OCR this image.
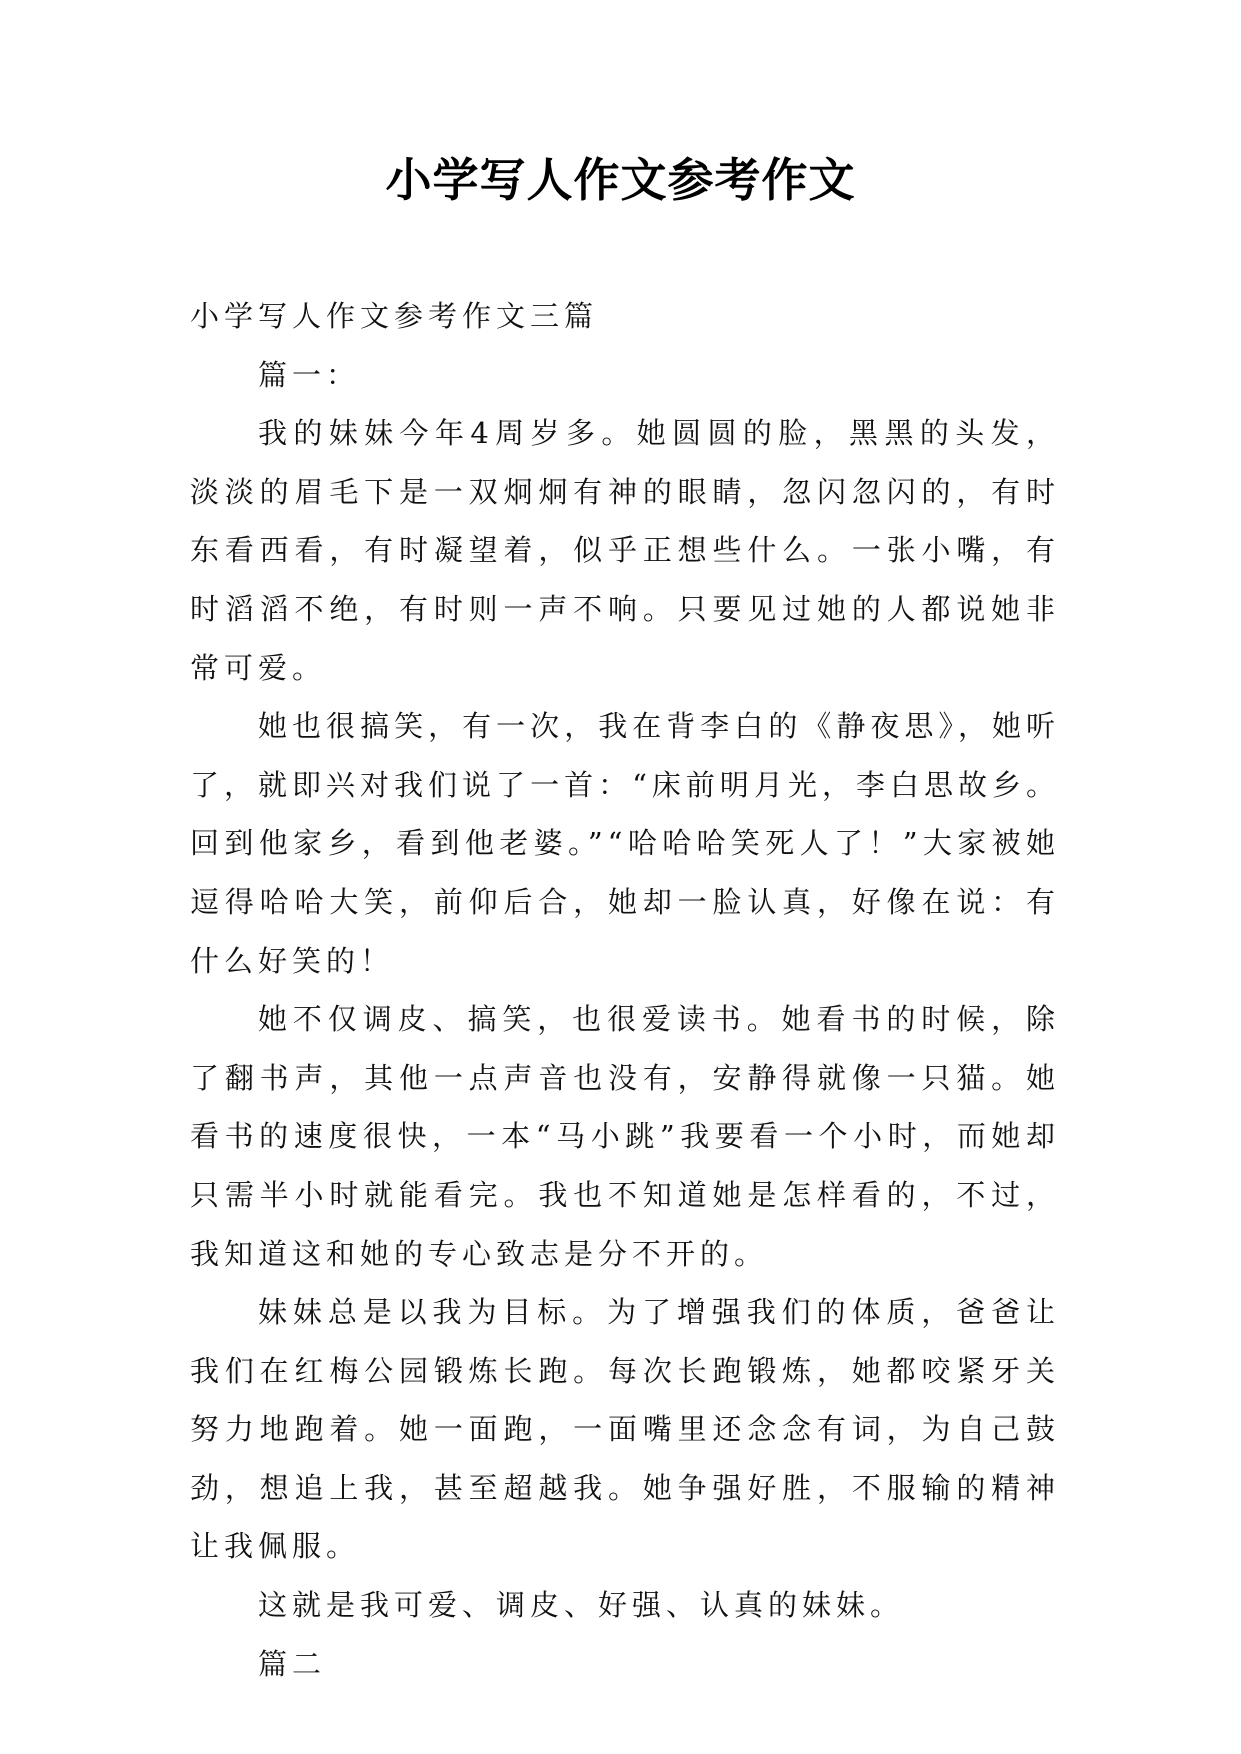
小学写人作文参考作文

小学写人作文参考作文三篇

篇一：

我的妹妹今年4周岁多。她圆圆的脸，黑黑的头发，淡淡的眉毛下是一双炯炯有神的眼睛，忽闪忽闪的，有时东看西看，有时凝望着，似乎正想些什么。一张小嘴，有时滔滔不绝，有时则一声不响。只要见过她的人都说她非常可爱。

她也很搞笑，有一次，我在背李白的《静夜思》，她听了，就即兴对我们说了一首：“床前明月光，李白思故乡。回到他家乡，看到他老婆。”“哈哈哈笑死人了！”大家被她逗得哈哈大笑，前仰后合，她却一脸认真，好像在说：有什么好笑的！

她不仅调皮、搞笑，也很爱读书。她看书的时候，除了翻书声，其他一点声音也没有，安静得就像一只猫。她看书的速度很快，一本“马小跳”我要看一个小时，而她却只需半小时就能看完。我也不知道她是怎样看的，不过，我知道这和她的专心致志是分不开的。

妹妹总是以我为目标。为了增强我们的体质，爸爸让我们在红梅公园锻炼长跑。每次长跑锻炼，她都咬紧牙关努力地跑着。她一面跑，一面嘴里还念念有词，为自己鼓劲，想追上我，甚至超越我。她争强好胜，不服输的精神让我佩服。

这就是我可爱、调皮、好强、认真的妹妹。

篇二
